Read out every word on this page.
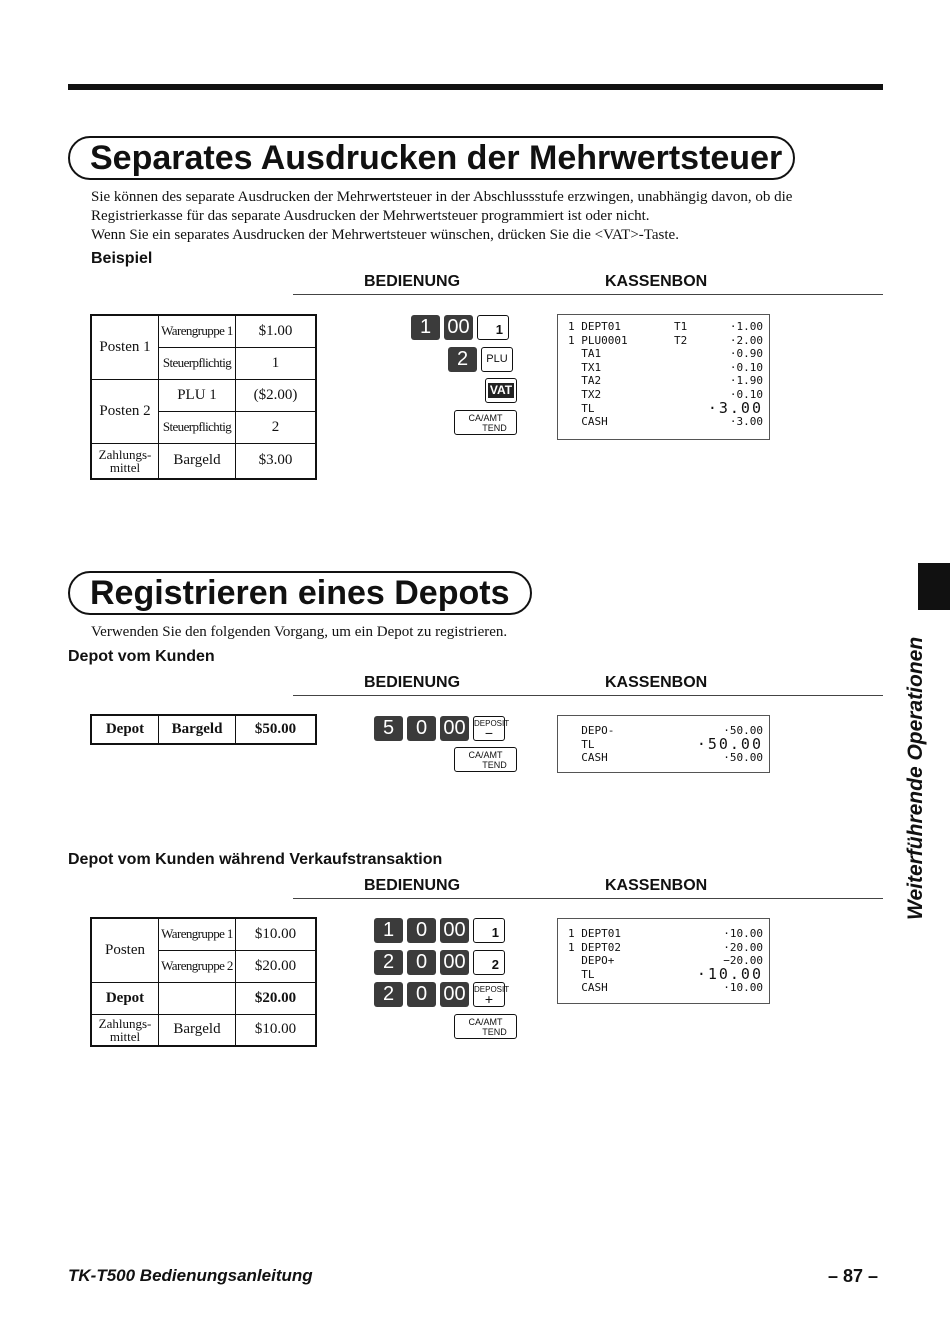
Separates Ausdrucken der Mehrwertsteuer
Sie können des separate Ausdrucken der Mehrwertsteuer in der Abschlussstufe erzwingen, unabhängig davon, ob die
Registrierkasse für das separate Ausdrucken der Mehrwertsteuer programmiert ist oder nicht.
Wenn Sie ein separates Ausdrucken der Mehrwertsteuer wünschen, drücken Sie die <VAT>-Taste.
Beispiel
BEDIENUNG	KASSENBON
Posten 1	Warengruppe 1	$1.00
	Steuerpflichtig	1
Posten 2	PLU 1	($2.00)
	Steuerpflichtig	2

Zahlungs-
mittel	Bargeld	$3.00
1 00 1
2 PLU
VAT
CA/AMT
TEND
1 DEPT01	T1	·1.00
1 PLU0001	T2	·2.00
TA1	·0.90
TX1	·0.10
TA2	·1.90
TX2	·0.10
TL	·3.00
CASH	·3.00
Registrieren eines Depots
Verwenden Sie den folgenden Vorgang, um ein Depot zu registrieren.
Depot vom Kunden
BEDIENUNG	KASSENBON
Depot	Bargeld	$50.00	5 0 00 DEPOSIT
−
CA/AMT
TEND
DEPO-	·50.00
TL	·50.00
CASH	·50.00
Depot vom Kunden während Verkaufstransaktion
BEDIENUNG	KASSENBON
Posten	Warengruppe 1	$10.00
	Warengruppe 2	$20.00
Depot		$20.00

Zahlungs-
mittel	Bargeld	$10.00
1 0 00 1
2 0 00 2
2 0 00 DEPOSIT
+
CA/AMT
TEND
1 DEPT01	·10.00
1 DEPT02	·20.00
DEPO+	−20.00
TL	·10.00
CASH	·10.00
Weiterführende Operationen
TK-T500 Bedienungsanleitung	– 87 –
